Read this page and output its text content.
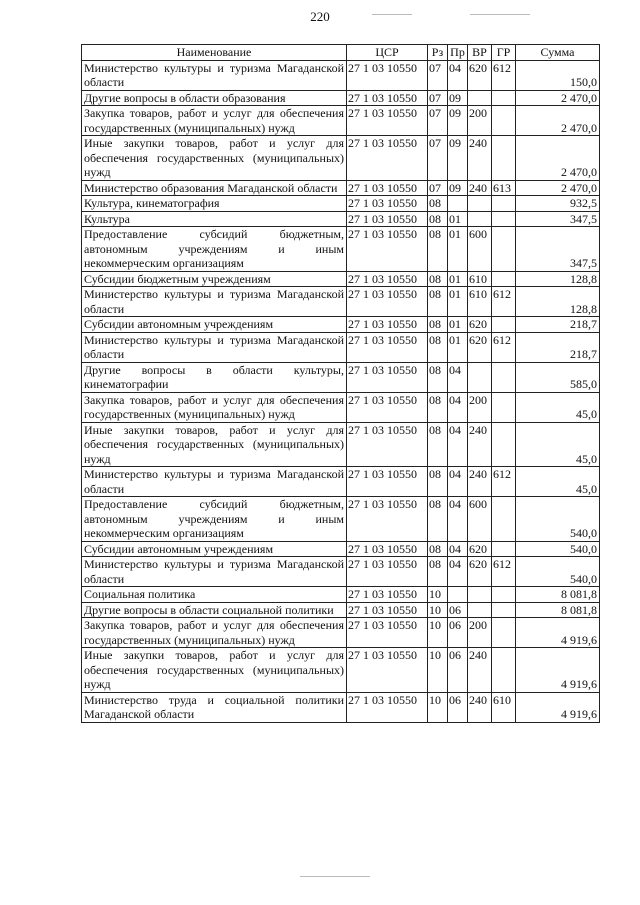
220
Наименование	ЦСР	Рз	Пр	ВР	ГР	Сумма
Министерство культуры и туризма Магаданской области	27 1 03 10550	07	04	620	612	150,0
Другие вопросы в области образования	27 1 03 10550	07	09			2 470,0
Закупка товаров, работ и услуг для обеспечения государственных (муниципальных) нужд	27 1 03 10550	07	09	200		2 470,0
Иные закупки товаров, работ и услуг для обеспечения государственных (муниципальных) нужд	27 1 03 10550	07	09	240		2 470,0
Министерство образования Магаданской области	27 1 03 10550	07	09	240	613	2 470,0
Культура, кинематография	27 1 03 10550	08				932,5
Культура	27 1 03 10550	08	01			347,5
Предоставление субсидий бюджетным, автономным учреждениям и иным некоммерческим организациям	27 1 03 10550	08	01	600		347,5
Субсидии бюджетным учреждениям	27 1 03 10550	08	01	610		128,8
Министерство культуры и туризма Магаданской области	27 1 03 10550	08	01	610	612	128,8
Субсидии автономным учреждениям	27 1 03 10550	08	01	620		218,7
Министерство культуры и туризма Магаданской области	27 1 03 10550	08	01	620	612	218,7
Другие вопросы в области культуры, кинематографии	27 1 03 10550	08	04			585,0
Закупка товаров, работ и услуг для обеспечения государственных (муниципальных) нужд	27 1 03 10550	08	04	200		45,0
Иные закупки товаров, работ и услуг для обеспечения государственных (муниципальных) нужд	27 1 03 10550	08	04	240		45,0
Министерство культуры и туризма Магаданской области	27 1 03 10550	08	04	240	612	45,0
Предоставление субсидий бюджетным, автономным учреждениям и иным некоммерческим организациям	27 1 03 10550	08	04	600		540,0
Субсидии автономным учреждениям	27 1 03 10550	08	04	620		540,0
Министерство культуры и туризма Магаданской области	27 1 03 10550	08	04	620	612	540,0
Социальная политика	27 1 03 10550	10				8 081,8
Другие вопросы в области социальной политики	27 1 03 10550	10	06			8 081,8
Закупка товаров, работ и услуг для обеспечения государственных (муниципальных) нужд	27 1 03 10550	10	06	200		4 919,6
Иные закупки товаров, работ и услуг для обеспечения государственных (муниципальных) нужд	27 1 03 10550	10	06	240		4 919,6
Министерство труда и социальной политики Магаданской области	27 1 03 10550	10	06	240	610	4 919,6
